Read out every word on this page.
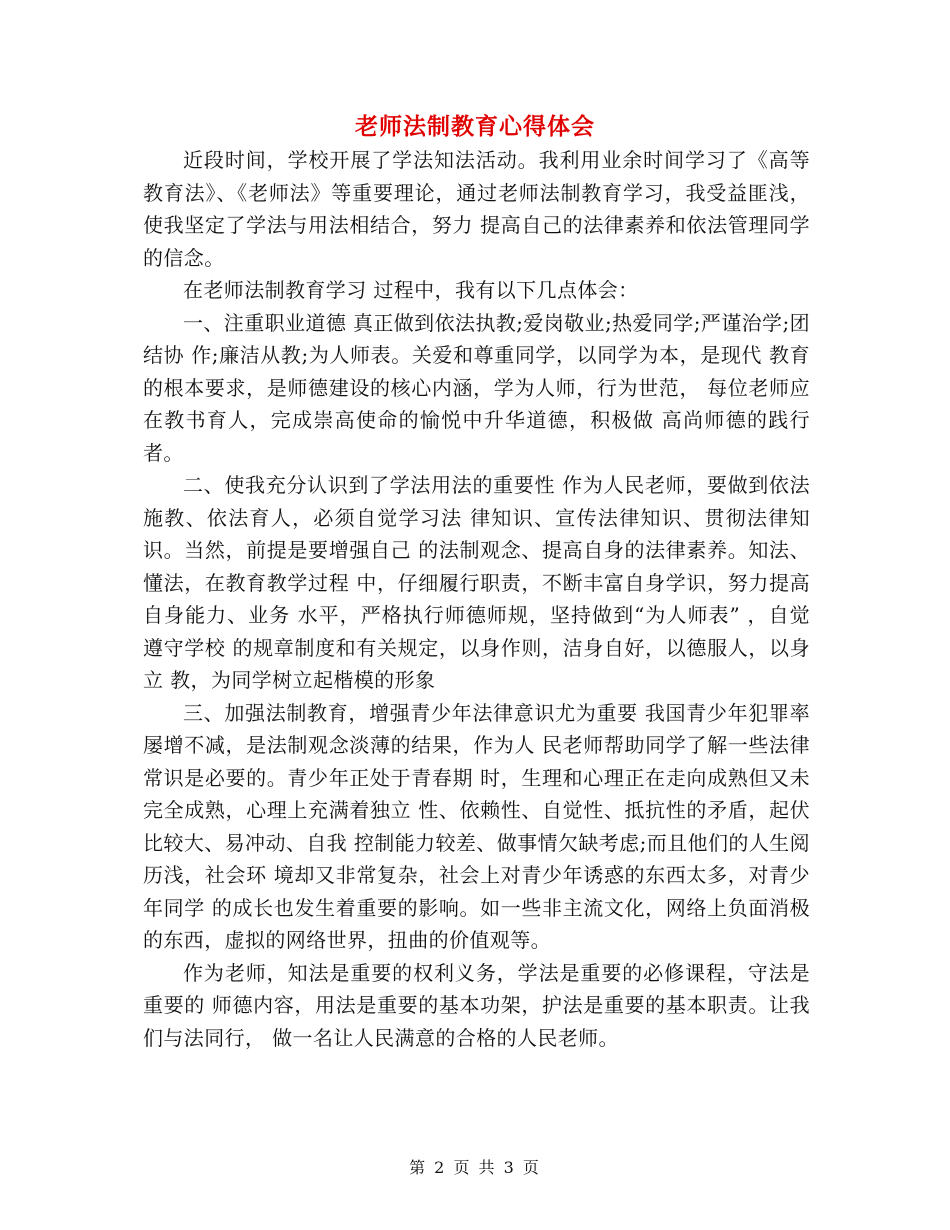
老师法制教育心得体会

近段时间，学校开展了学法知法活动。我利用业余时间学习了《高等教育法》、《老师法》等重要理论，通过老师法制教育学习，我受益匪浅，使我坚定了学法与用法相结合，努力 提高自己的法律素养和依法管理同学的信念。

在老师法制教育学习 过程中，我有以下几点体会：

一、注重职业道德 真正做到依法执教;爱岗敬业;热爱同学;严谨治学;团结协 作;廉洁从教;为人师表。关爱和尊重同学，以同学为本，是现代 教育的根本要求，是师德建设的核心内涵，学为人师，行为世范， 每位老师应在教书育人，完成崇高使命的愉悦中升华道德，积极做 高尚师德的践行者。

二、使我充分认识到了学法用法的重要性 作为人民老师，要做到依法施教、依法育人，必须自觉学习法 律知识、宣传法律知识、贯彻法律知识。当然，前提是要增强自己 的法制观念、提高自身的法律素养。知法、懂法，在教育教学过程 中，仔细履行职责，不断丰富自身学识，努力提高自身能力、业务 水平，严格执行师德师规，坚持做到“为人师表” ，自觉遵守学校 的规章制度和有关规定，以身作则，洁身自好，以德服人，以身立 教，为同学树立起楷模的形象

三、加强法制教育，增强青少年法律意识尤为重要 我国青少年犯罪率屡增不减，是法制观念淡薄的结果，作为人 民老师帮助同学了解一些法律常识是必要的。青少年正处于青春期 时，生理和心理正在走向成熟但又未完全成熟，心理上充满着独立 性、依赖性、自觉性、抵抗性的矛盾，起伏比较大、易冲动、自我 控制能力较差、做事情欠缺考虑;而且他们的人生阅历浅，社会环 境却又非常复杂，社会上对青少年诱惑的东西太多，对青少年同学 的成长也发生着重要的影响。如一些非主流文化，网络上负面消极 的东西，虚拟的网络世界，扭曲的价值观等。

作为老师，知法是重要的权利义务，学法是重要的必修课程，守法是重要的 师德内容，用法是重要的基本功架，护法是重要的基本职责。让我们与法同行， 做一名让人民满意的合格的人民老师。

第 2 页 共 3 页
